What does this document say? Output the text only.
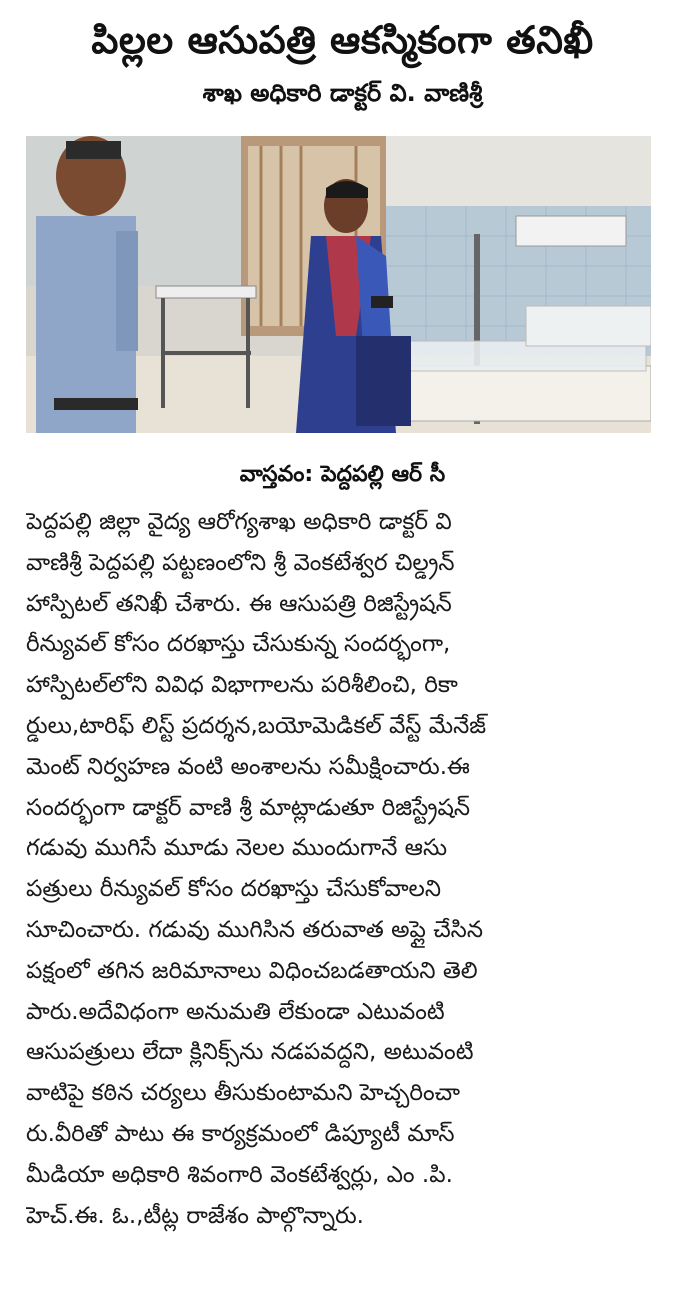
పిల్లల ఆసుపత్రి ఆకస్మికంగా తనిఖీ
శాఖ అధికారి డాక్టర్ వి. వాణిశ్రీ
వాస్తవం: పెద్దపల్లి ఆర్ సీ
పెద్దపల్లి జిల్లా వైద్య ఆరోగ్యశాఖ అధికారి డాక్టర్ వి
వాణిశ్రీ పెద్దపల్లి పట్టణంలోని శ్రీ వెంకటేశ్వర చిల్డ్రన్
హాస్పిటల్ తనిఖీ చేశారు. ఈ ఆసుపత్రి రిజిస్ట్రేషన్
రీన్యువల్ కోసం దరఖాస్తు చేసుకున్న సందర్భంగా,
హాస్పిటల్‌లోని వివిధ విభాగాలను పరిశీలించి, రికా
ర్డులు,టారిఫ్ లిస్ట్ ప్రదర్శన,బయోమెడికల్ వేస్ట్ మేనేజ్
మెంట్ నిర్వహణ వంటి అంశాలను సమీక్షించారు.ఈ
సందర్భంగా డాక్టర్ వాణి శ్రీ మాట్లాడుతూ రిజిస్ట్రేషన్
గడువు ముగిసే మూడు నెలల ముందుగానే ఆసు
పత్రులు రీన్యువల్ కోసం దరఖాస్తు చేసుకోవాలని
సూచించారు. గడువు ముగిసిన తరువాత అప్లై చేసిన
పక్షంలో తగిన జరిమానాలు విధించబడతాయని తెలి
పారు.అదేవిధంగా అనుమతి లేకుండా ఎటువంటి
ఆసుపత్రులు లేదా క్లినిక్స్‌ను నడపవద్దని, అటువంటి
వాటిపై కఠిన చర్యలు తీసుకుంటామని హెచ్చరించా
రు.వీరితో పాటు ఈ కార్యక్రమంలో డిప్యూటీ మాస్
మీడియా అధికారి శివంగారి వెంకటేశ్వర్లు, ఎం .పి.
హెచ్.ఈ. ఓ.,టీట్ల రాజేశం పాల్గొన్నారు.
